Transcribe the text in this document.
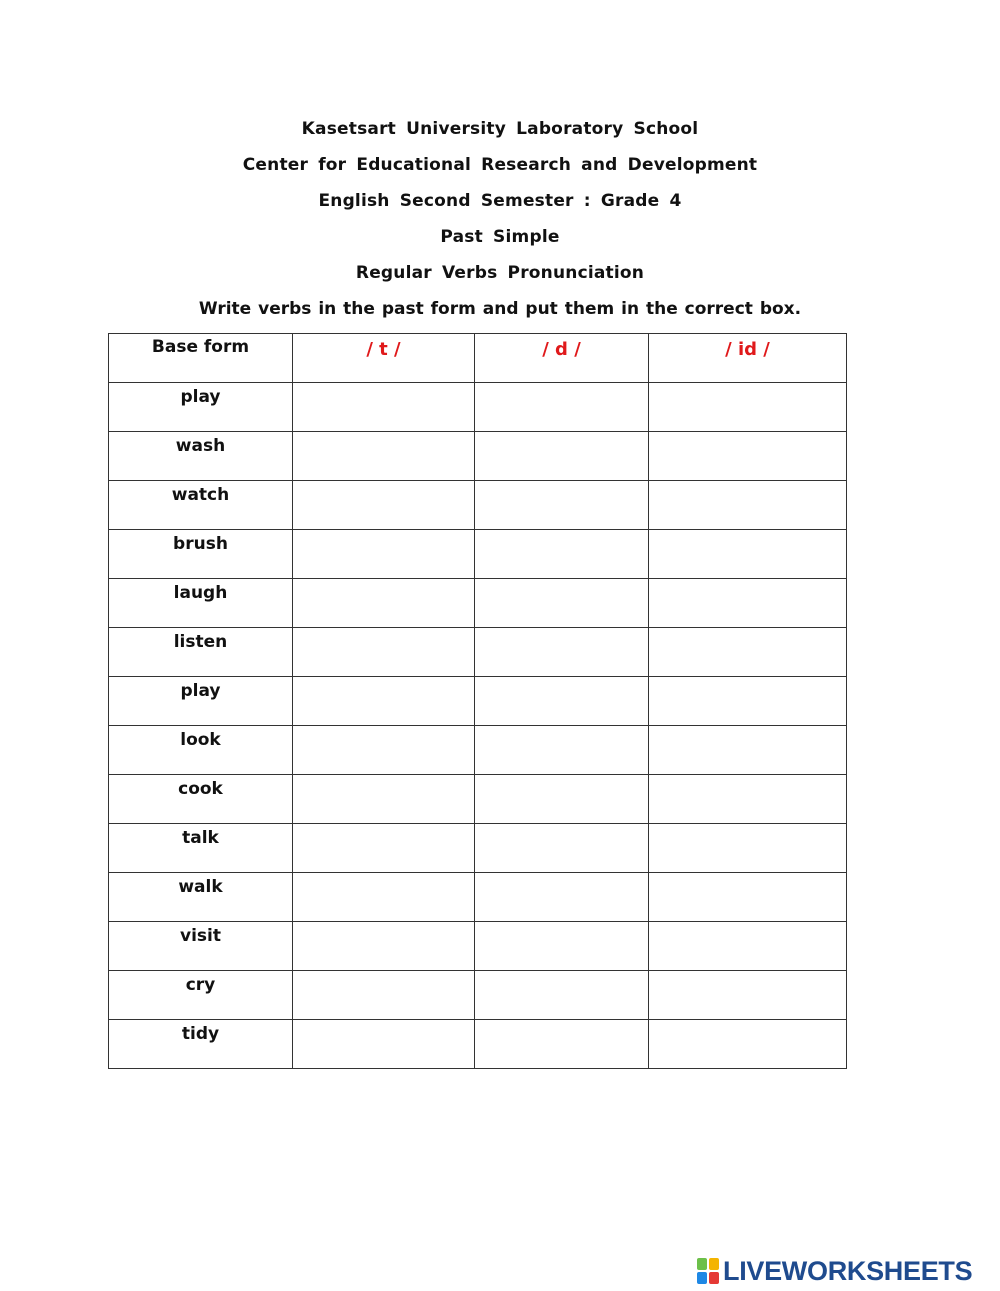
Kasetsart University Laboratory School
Center for Educational Research and Development
English Second Semester : Grade 4
Past Simple
Regular Verbs Pronunciation
Write verbs in the past form and put them in the correct box.
Base form	/ t /	/ d /	/ id /
play			
wash			
watch			
brush			
laugh			
listen			
play			
look			
cook			
talk			
walk			
visit			
cry			
tidy			
LIVEWORKSHEETS
